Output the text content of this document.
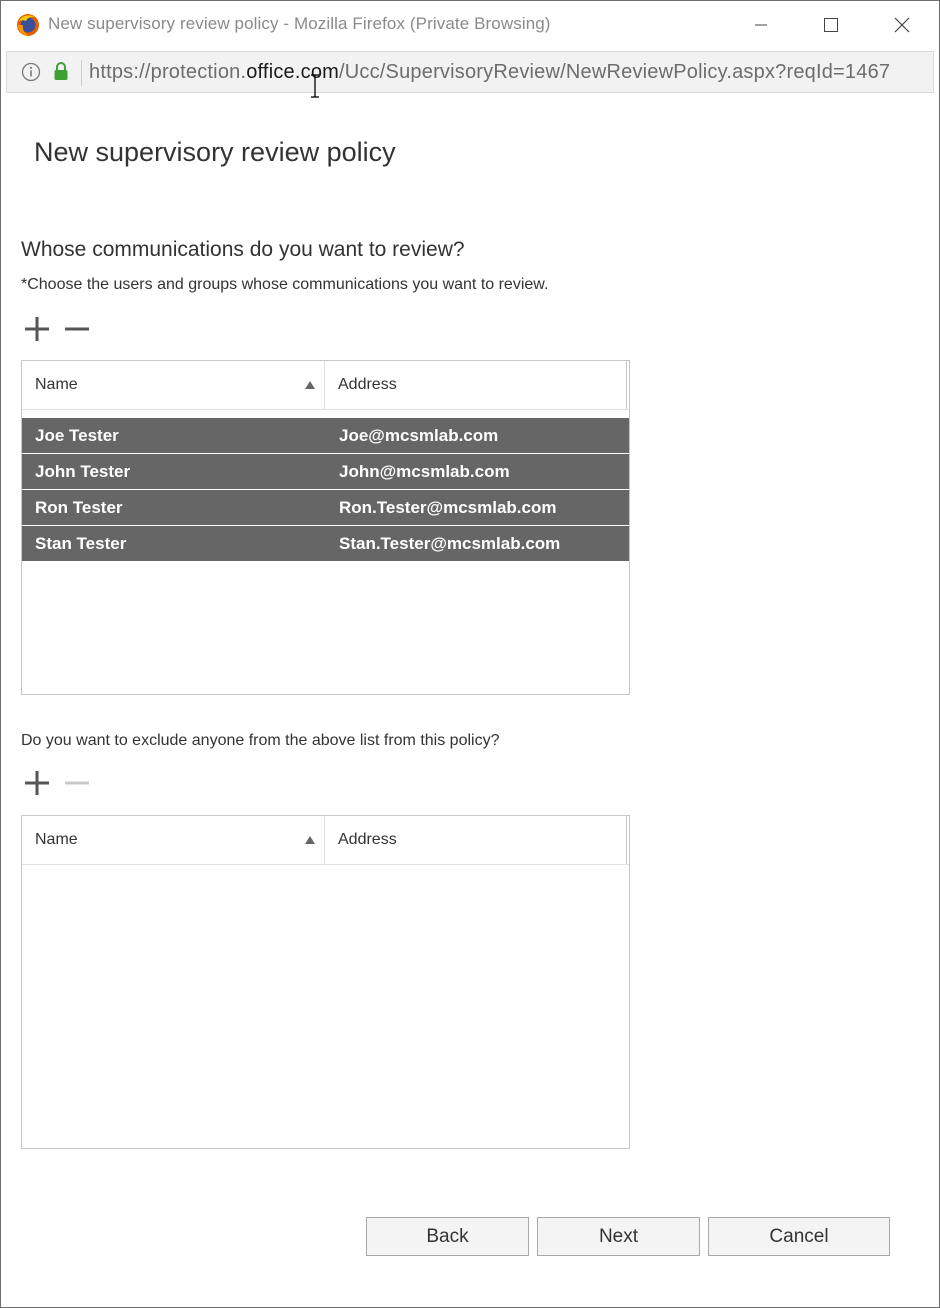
New supervisory review policy - Mozilla Firefox (Private Browsing)
https://protection.office.com/Ucc/SupervisoryReview/NewReviewPolicy.aspx?reqId=1467
New supervisory review policy
Whose communications do you want to review?
*Choose the users and groups whose communications you want to review.
Name	Address
Joe Tester	Joe@mcsmlab.com
John Tester	John@mcsmlab.com
Ron Tester	Ron.Tester@mcsmlab.com
Stan Tester	Stan.Tester@mcsmlab.com
Do you want to exclude anyone from the above list from this policy?
Name	Address
Back	Next	Cancel
